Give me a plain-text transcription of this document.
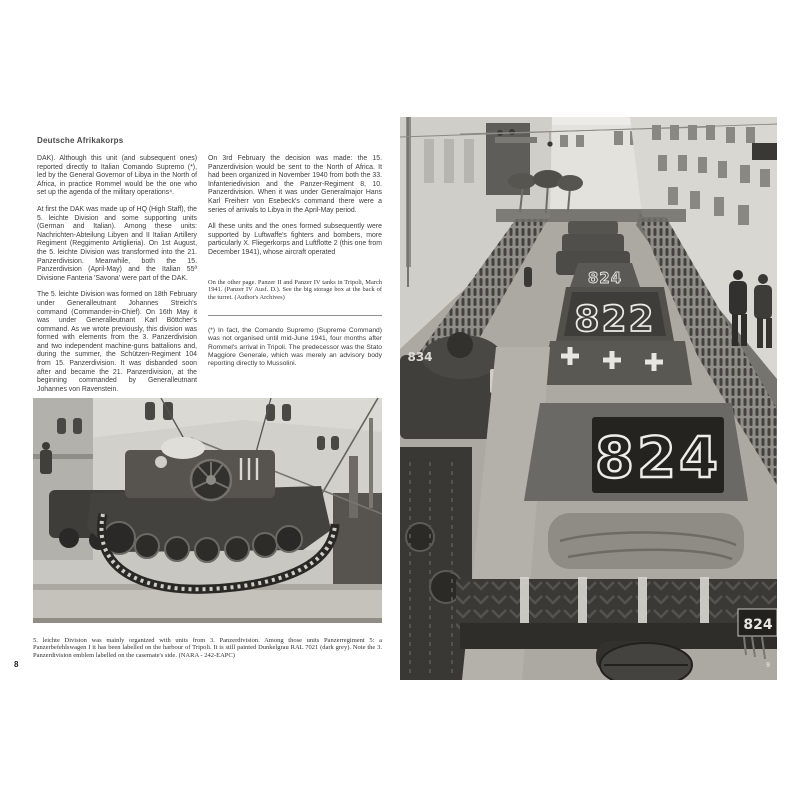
Deutsche Afrikakorps

DAK). Although this unit (and subsequent ones) reported directly to Italian Comando Supremo (*), led by the General Governor of Libya in the North of Africa, in practice Rommel would be the one who set up the agenda of the military operations⁴.

At first the DAK was made up of HQ (High Staff), the 5. leichte Division and some supporting units (German and Italian). Among these units: Nachrichten-Abteilung Libyen and II Italian Artillery Regiment (Reggimento Artiglieria). On 1st August, the 5. leichte Division was transformed into the 21. Panzerdivision. Meanwhile, both the 15. Panzerdivision (April-May) and the Italian 55ª Divisione Fanteria 'Savona' were part of the DAK.

The 5. leichte Division was formed on 18th February under Generalleutnant Johannes Streich's command (Commander-in-Chief). On 16th May it was under Generalleutnant Karl Böttcher's command. As we wrote previously, this division was formed with elements from the 3. Panzerdivision and two independent machine-guns battalions and, during the summer, the Schützen-Regiment 104 from 15. Panzerdivision. It was disbanded soon after and became the 21. Panzerdivision, at the beginning commanded by Generalleutnant Johannes von Ravenstein.

On 3rd February the decision was made: the 15. Panzerdivision would be sent to the North of Africa. It had been organized in November 1940 from both the 33. Infanteriedivision and the Panzer-Regiment 8, 10. Panzerdivision. When it was under Generalmajor Hans Karl Freiherr von Esebeck's command there were a series of arrivals to Libya in the April-May period.

All these units and the ones formed subsequently were supported by Luftwaffe's fighters and bombers, more particularly X. Fliegerkorps and Luftflotte 2 (this one from December 1941), whose aircraft operated

On the other page. Panzer II and Panzer IV tanks in Tripoli, March 1941. (Panzer IV Ausf. D.). See the big storage box at the back of the turret. (Author's Archives)

(*) In fact, the Comando Supremo (Supreme Command) was not organised until mid-June 1941, four months after Rommel's arrival in Tripoli. The predecessor was the Stato Maggiore Generale, which was merely an advisory body reporting directly to Mussolini.

5. leichte Division was mainly organized with units from 3. Panzerdivision. Among those units Panzerregiment 5: a Panzerbefehlswagen I it has been labelled on the harbour of Tripoli. It is still painted Dunkelgrau RAL 7021 (dark grey). Note the 3. Panzerdivision emblem labelled on the casemate's side. (NARA - 242-EAPC)

8
824
822
834
824
824
9
